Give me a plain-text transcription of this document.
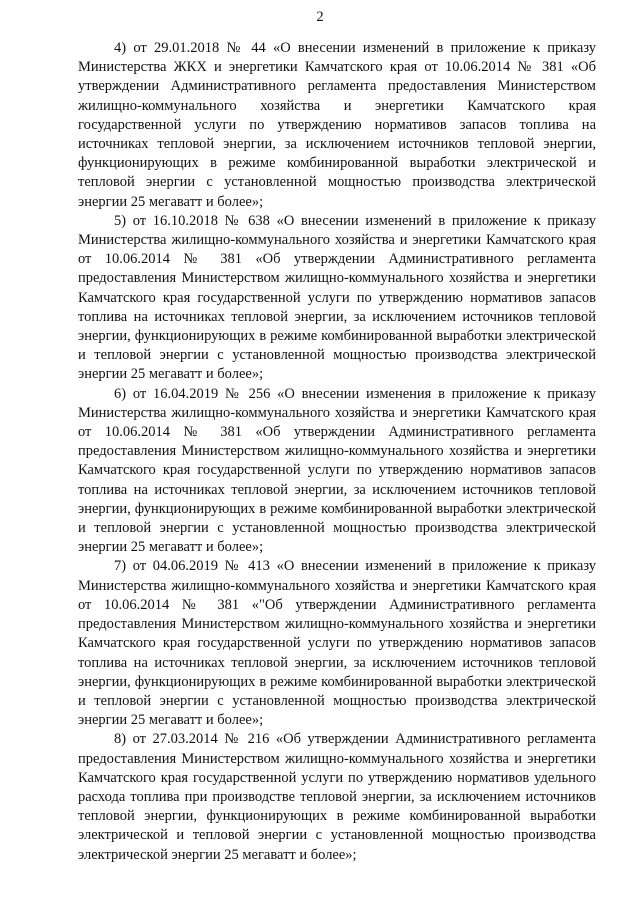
2

4) от 29.01.2018 № 44 «О внесении изменений в приложение к приказу Министерства ЖКХ и энергетики Камчатского края от 10.06.2014 № 381 «Об утверждении Административного регламента предоставления Министерством жилищно-коммунального хозяйства и энергетики Камчатского края государственной услуги по утверждению нормативов запасов топлива на источниках тепловой энергии, за исключением источников тепловой энергии, функционирующих в режиме комбинированной выработки электрической и тепловой энергии с установленной мощностью производства электрической энергии 25 мегаватт и более»;

5) от 16.10.2018 № 638 «О внесении изменений в приложение к приказу Министерства жилищно-коммунального хозяйства и энергетики Камчатского края от 10.06.2014 № 381 «Об утверждении Административного регламента предоставления Министерством жилищно-коммунального хозяйства и энергетики Камчатского края государственной услуги по утверждению нормативов запасов топлива на источниках тепловой энергии, за исключением источников тепловой энергии, функционирующих в режиме комбинированной выработки электрической и тепловой энергии с установленной мощностью производства электрической энергии 25 мегаватт и более»;

6) от 16.04.2019 № 256 «О внесении изменения в приложение к приказу Министерства жилищно-коммунального хозяйства и энергетики Камчатского края от 10.06.2014 № 381 «Об утверждении Административного регламента предоставления Министерством жилищно-коммунального хозяйства и энергетики Камчатского края государственной услуги по утверждению нормативов запасов топлива на источниках тепловой энергии, за исключением источников тепловой энергии, функционирующих в режиме комбинированной выработки электрической и тепловой энергии с установленной мощностью производства электрической энергии 25 мегаватт и более»;

7) от 04.06.2019 № 413 «О внесении изменений в приложение к приказу Министерства жилищно-коммунального хозяйства и энергетики Камчатского края от 10.06.2014 № 381 «"Об утверждении Административного регламента предоставления Министерством жилищно-коммунального хозяйства и энергетики Камчатского края государственной услуги по утверждению нормативов запасов топлива на источниках тепловой энергии, за исключением источников тепловой энергии, функционирующих в режиме комбинированной выработки электрической и тепловой энергии с установленной мощностью производства электрической энергии 25 мегаватт и более»;

8) от 27.03.2014 № 216 «Об утверждении Административного регламента предоставления Министерством жилищно-коммунального хозяйства и энергетики Камчатского края государственной услуги по утверждению нормативов удельного расхода топлива при производстве тепловой энергии, за исключением источников тепловой энергии, функционирующих в режиме комбинированной выработки электрической и тепловой энергии с установленной мощностью производства электрической энергии 25 мегаватт и более»;
